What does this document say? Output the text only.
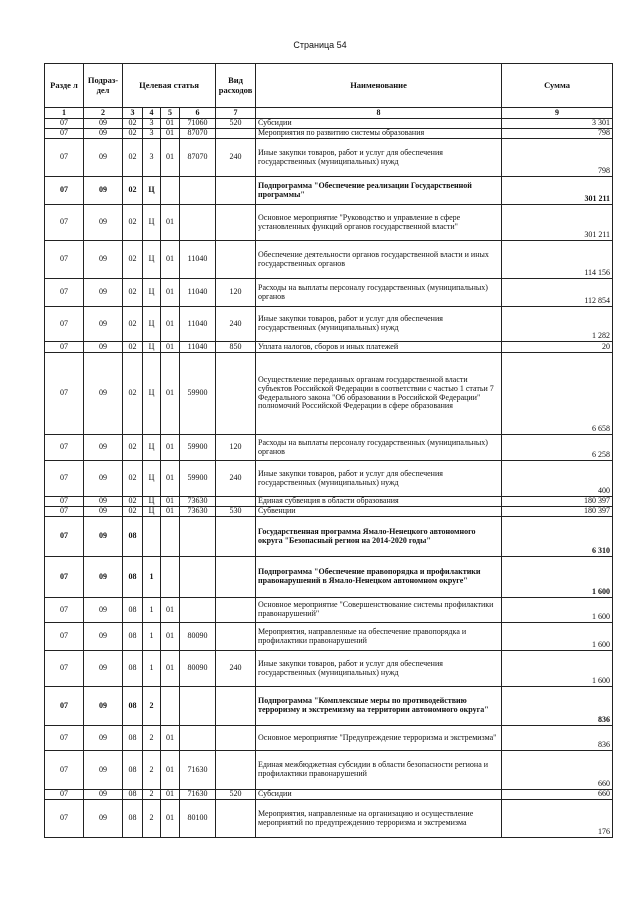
Страница 54
Разде л	Подраз-дел	Целевая статья				Вид расходов	Наименование	Сумма
1	2	3	4	5	6	7	8	9
07	09	02	3	01	71060	520	Субсидии	3 301
07	09	02	3	01	87070		Мероприятия по развитию системы образования	798
07	09	02	3	01	87070	240	Иные закупки товаров, работ и услуг для обеспечения государственных (муниципальных) нужд	798
07	09	02	Ц				Подпрограмма "Обеспечение реализации Государственной программы"	301 211
07	09	02	Ц	01			Основное мероприятие "Руководство и управление в сфере установленных функций органов государственной власти"	301 211
07	09	02	Ц	01	11040		Обеспечение деятельности органов государственной власти и иных государственных органов	114 156
07	09	02	Ц	01	11040	120	Расходы на выплаты персоналу государственных (муниципальных) органов	112 854
07	09	02	Ц	01	11040	240	Иные закупки товаров, работ и услуг для обеспечения государственных (муниципальных) нужд	1 282
07	09	02	Ц	01	11040	850	Уплата налогов, сборов и иных платежей	20
07	09	02	Ц	01	59900		Осуществление переданных органам государственной власти субъектов Российской Федерации в соответствии с частью 1 статьи 7 Федерального закона "Об образовании в Российской Федерации" полномочий Российской Федерации в сфере образования	6 658
07	09	02	Ц	01	59900	120	Расходы на выплаты персоналу государственных (муниципальных) органов	6 258
07	09	02	Ц	01	59900	240	Иные закупки товаров, работ и услуг для обеспечения государственных (муниципальных) нужд	400
07	09	02	Ц	01	73630		Единая субвенция в области образования	180 397
07	09	02	Ц	01	73630	530	Субвенции	180 397
07	09	08					Государственная программа Ямало-Ненецкого автономного округа "Безопасный регион на 2014-2020 годы"	6 310
07	09	08	1				Подпрограмма "Обеспечение правопорядка и профилактики правонарушений в Ямало-Ненецком автономном округе"	1 600
07	09	08	1	01			Основное мероприятие "Совершенствование системы профилактики правонарушений"	1 600
07	09	08	1	01	80090		Мероприятия, направленные на обеспечение правопорядка и профилактики правонарушений	1 600
07	09	08	1	01	80090	240	Иные закупки товаров, работ и услуг для обеспечения государственных (муниципальных) нужд	1 600
07	09	08	2				Подпрограмма "Комплексные меры по противодействию терроризму и экстремизму на территории автономного округа"	836
07	09	08	2	01			Основное мероприятие "Предупреждение терроризма и экстремизма"	836
07	09	08	2	01	71630		Единая межбюджетная субсидии в области безопасности региона и профилактики правонарушений	660
07	09	08	2	01	71630	520	Субсидии	660
07	09	08	2	01	80100		Мероприятия, направленные на организацию и осуществление мероприятий по предупреждению терроризма и экстремизма	176
